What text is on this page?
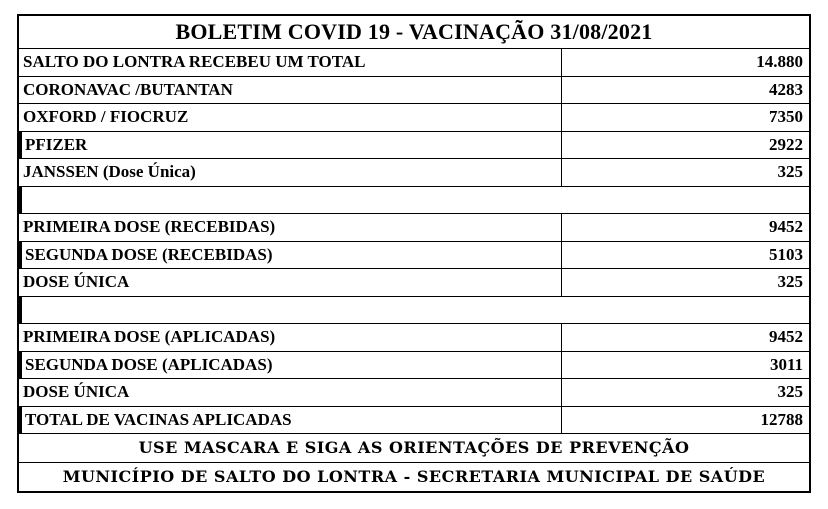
BOLETIM COVID 19 - VACINAÇÃO 31/08/2021
SALTO DO LONTRA RECEBEU UM TOTAL	14.880
CORONAVAC /BUTANTAN	4283
OXFORD / FIOCRUZ	7350
PFIZER	2922
JANSSEN (Dose Única)	325
PRIMEIRA DOSE (RECEBIDAS)	9452
SEGUNDA DOSE (RECEBIDAS)	5103
DOSE ÚNICA	325
PRIMEIRA DOSE (APLICADAS)	9452
SEGUNDA DOSE (APLICADAS)	3011
DOSE ÚNICA	325
TOTAL DE VACINAS APLICADAS	12788
USE MASCARA E SIGA AS ORIENTAÇÕES DE PREVENÇÃO
MUNICÍPIO DE SALTO DO LONTRA - SECRETARIA MUNICIPAL DE SAÚDE
